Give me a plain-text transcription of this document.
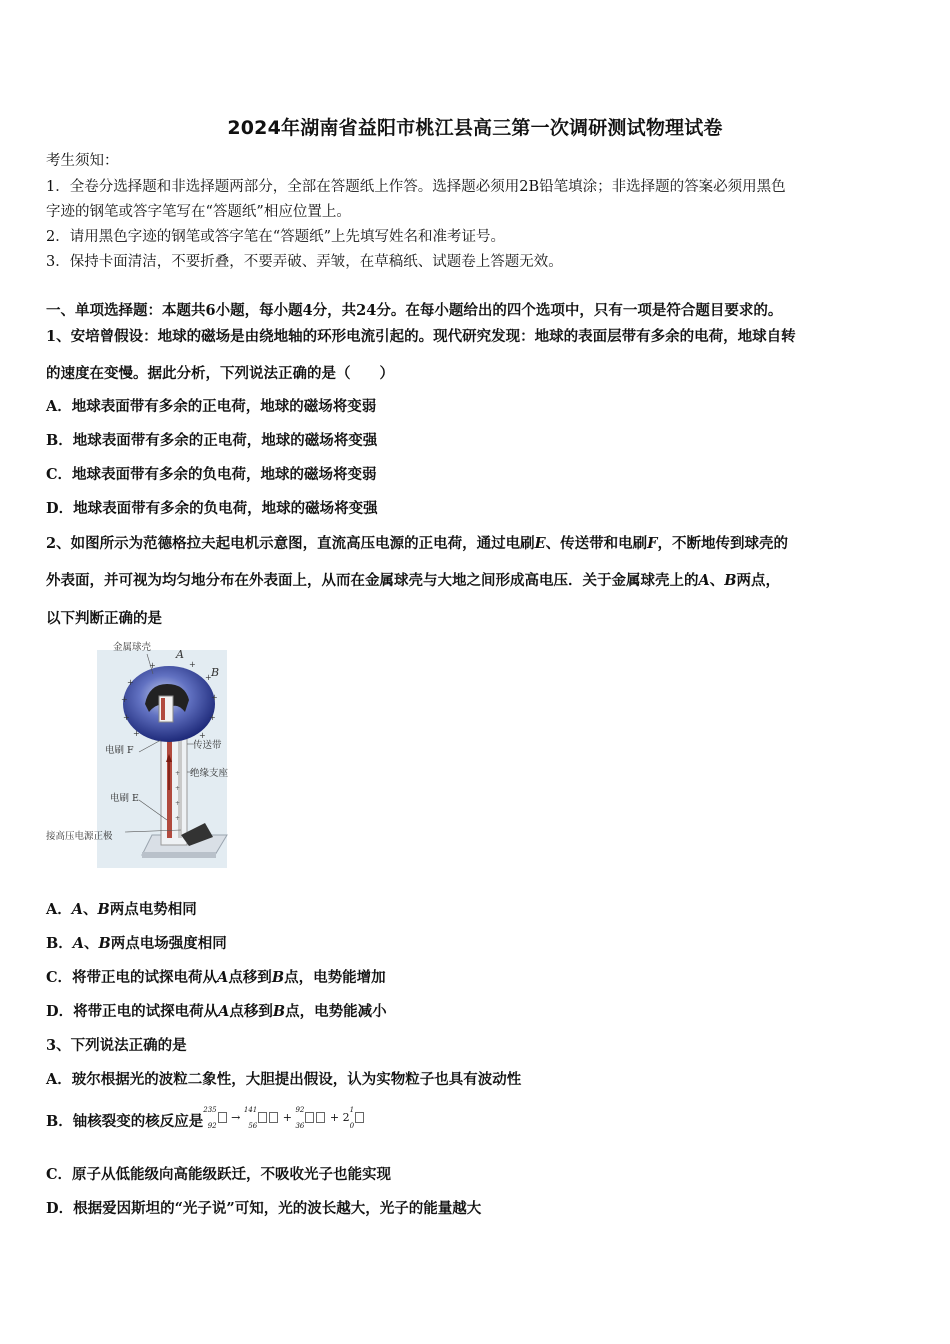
2024年湖南省益阳市桃江县高三第一次调研测试物理试卷
考生须知：
1．全卷分选择题和非选择题两部分，全部在答题纸上作答。选择题必须用2B铅笔填涂；非选择题的答案必须用黑色
字迹的钢笔或答字笔写在“答题纸”相应位置上。
2．请用黑色字迹的钢笔或答字笔在“答题纸”上先填写姓名和准考证号。
3．保持卡面清洁，不要折叠，不要弄破、弄皱，在草稿纸、试题卷上答题无效。
一、单项选择题：本题共6小题，每小题4分，共24分。在每小题给出的四个选项中，只有一项是符合题目要求的。
1、安培曾假设：地球的磁场是由绕地轴的环形电流引起的。现代研究发现：地球的表面层带有多余的电荷，地球自转
的速度在变慢。据此分析，下列说法正确的是（　　）
A．地球表面带有多余的正电荷，地球的磁场将变弱
B．地球表面带有多余的正电荷，地球的磁场将变强
C．地球表面带有多余的负电荷，地球的磁场将变弱
D．地球表面带有多余的负电荷，地球的磁场将变强
2、如图所示为范德格拉夫起电机示意图，直流高压电源的正电荷，通过电刷E、传送带和电刷F，不断地传到球壳的
外表面，并可视为均匀地分布在外表面上，从而在金属球壳与大地之间形成高电压．关于金属球壳上的A、B两点，
以下判断正确的是
+
+
+
+
+
+
+
+
+	+
+
+
+
+
金属球壳
A
B
电刷 F	传送带
绝缘支座
电刷 E
接高压电源正极
A．A、B两点电势相同
B．A、B两点电场强度相同
C．将带正电的试探电荷从A点移到B点，电势能增加
D．将带正电的试探电荷从A点移到B点，电势能减小
3、下列说法正确的是
A．玻尔根据光的波粒二象性，大胆提出假设，认为实物粒子也具有波动性
B．铀核裂变的核反应是$^{235}$
$_{92}$ → $^{141}$
$_{56}$ + $^{92}$
$_{36} + 2^1$
$_0$
C．原子从低能级向高能级跃迁，不吸收光子也能实现
D．根据爱因斯坦的“光子说”可知，光的波长越大，光子的能量越大
